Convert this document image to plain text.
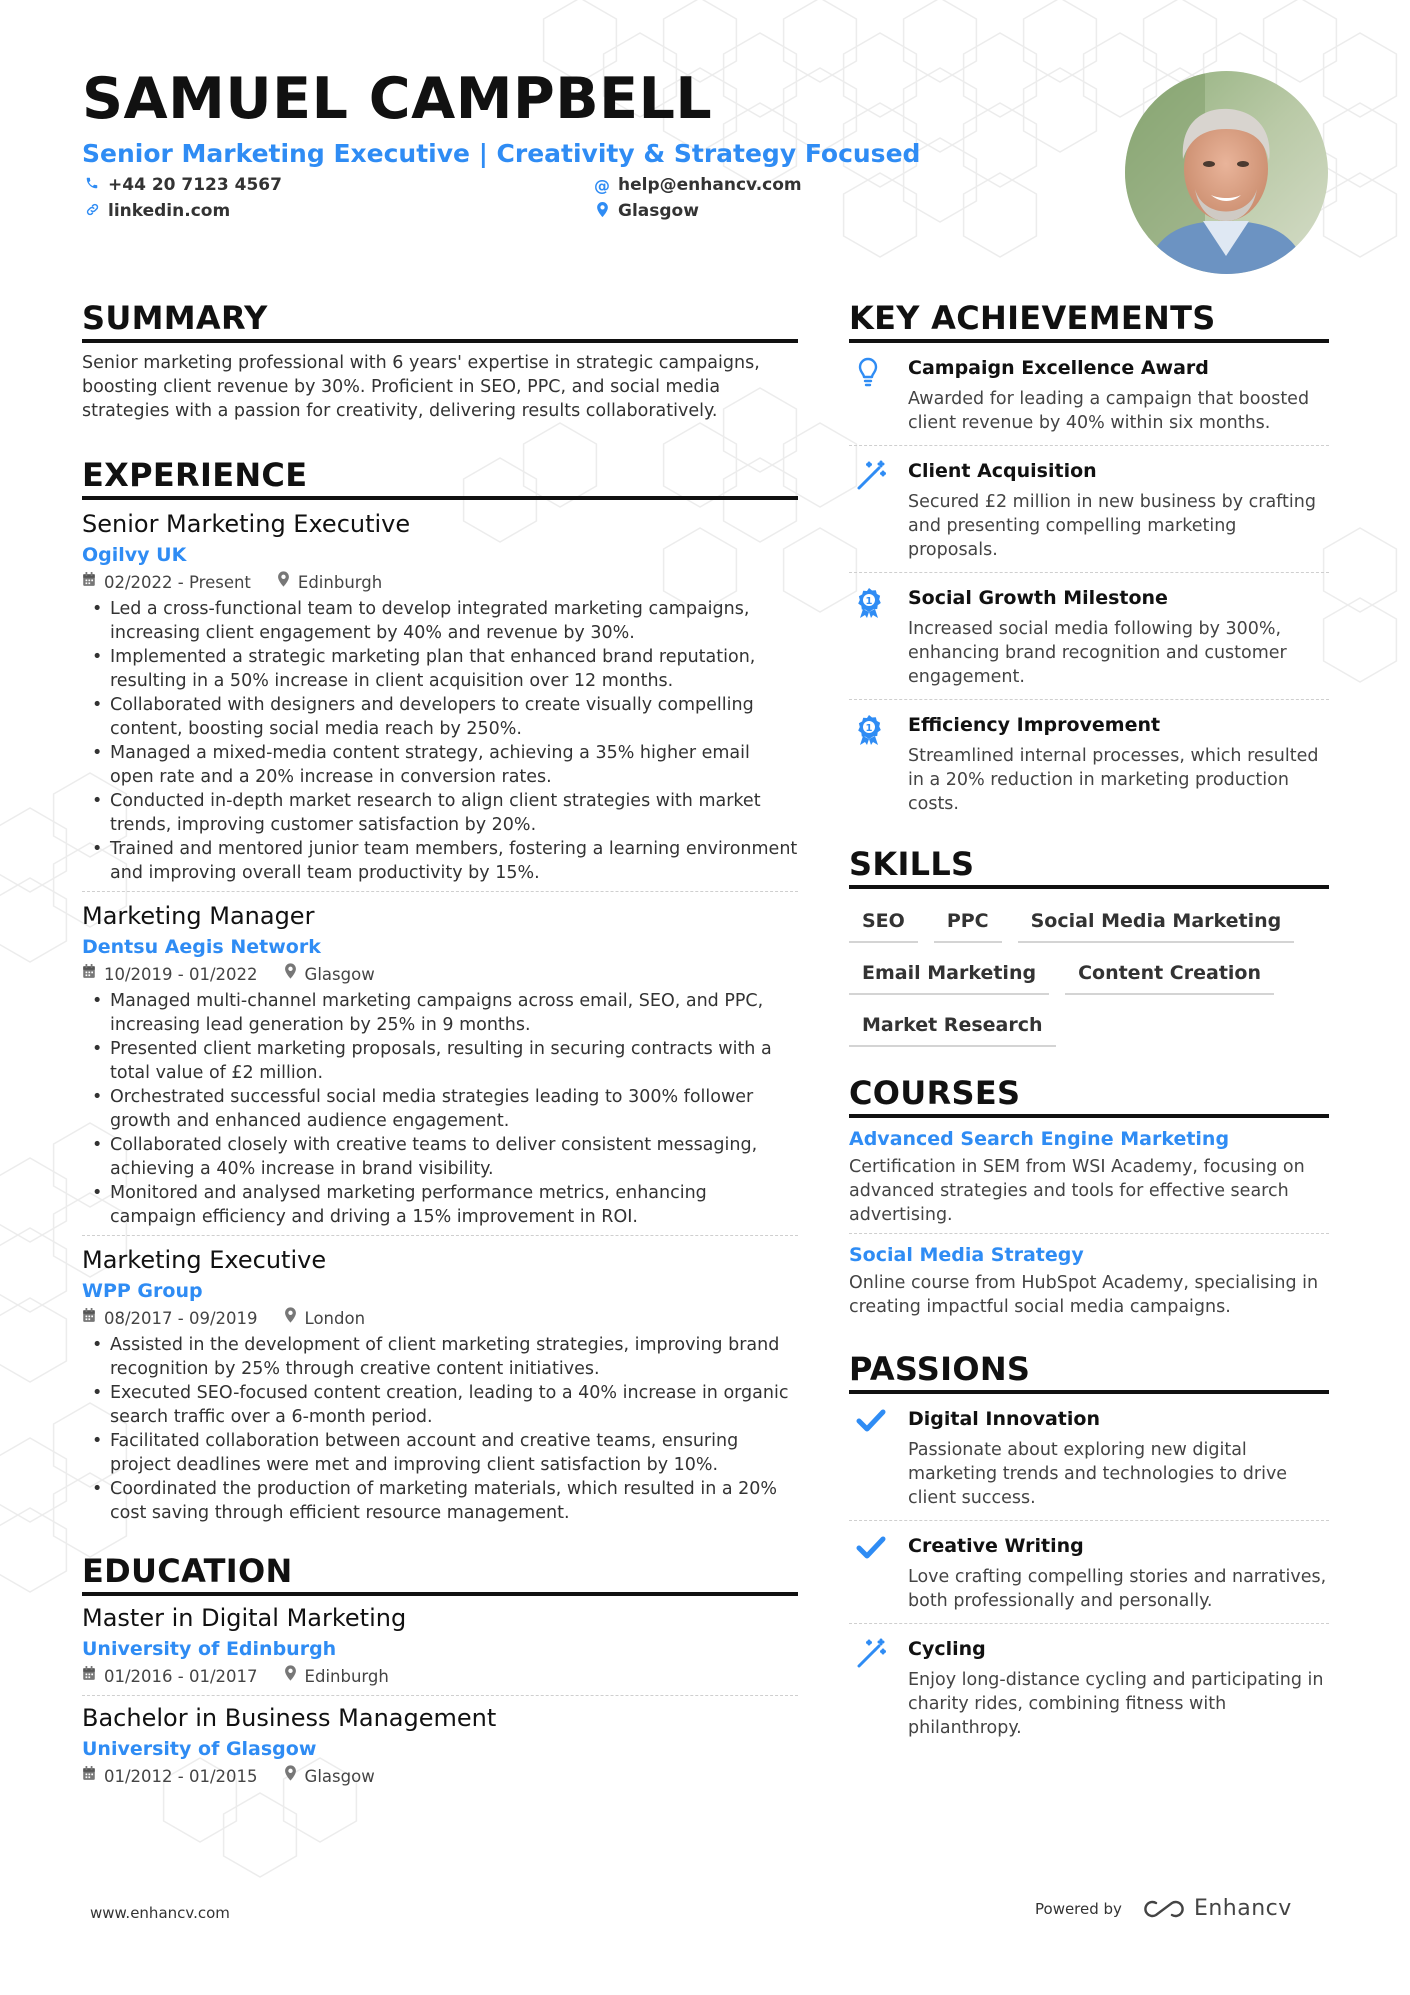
SAMUEL CAMPBELL
Senior Marketing Executive | Creativity & Strategy Focused
+44 20 7123 4567	@ help@enhancv.com
linkedin.com	Glasgow
SUMMARY
Senior marketing professional with 6 years' expertise in strategic campaigns, boosting client revenue by 30%. Proficient in SEO, PPC, and social media strategies with a passion for creativity, delivering results collaboratively.
EXPERIENCE
Senior Marketing Executive
Ogilvy UK
02/2022 - Present	Edinburgh
• Led a cross-functional team to develop integrated marketing campaigns, increasing client engagement by 40% and revenue by 30%.
• Implemented a strategic marketing plan that enhanced brand reputation, resulting in a 50% increase in client acquisition over 12 months.
• Collaborated with designers and developers to create visually compelling content, boosting social media reach by 250%.
• Managed a mixed-media content strategy, achieving a 35% higher email open rate and a 20% increase in conversion rates.
• Conducted in-depth market research to align client strategies with market trends, improving customer satisfaction by 20%.
• Trained and mentored junior team members, fostering a learning environment and improving overall team productivity by 15%.
Marketing Manager
Dentsu Aegis Network
10/2019 - 01/2022	Glasgow
• Managed multi-channel marketing campaigns across email, SEO, and PPC, increasing lead generation by 25% in 9 months.
• Presented client marketing proposals, resulting in securing contracts with a total value of £2 million.
• Orchestrated successful social media strategies leading to 300% follower growth and enhanced audience engagement.
• Collaborated closely with creative teams to deliver consistent messaging, achieving a 40% increase in brand visibility.
• Monitored and analysed marketing performance metrics, enhancing campaign efficiency and driving a 15% improvement in ROI.
Marketing Executive
WPP Group
08/2017 - 09/2019	London
• Assisted in the development of client marketing strategies, improving brand recognition by 25% through creative content initiatives.
• Executed SEO-focused content creation, leading to a 40% increase in organic search traffic over a 6-month period.
• Facilitated collaboration between account and creative teams, ensuring project deadlines were met and improving client satisfaction by 10%.
• Coordinated the production of marketing materials, which resulted in a 20% cost saving through efficient resource management.
EDUCATION
Master in Digital Marketing
University of Edinburgh
01/2016 - 01/2017	Edinburgh
Bachelor in Business Management
University of Glasgow
01/2012 - 01/2015	Glasgow
KEY ACHIEVEMENTS
Campaign Excellence Award
Awarded for leading a campaign that boosted client revenue by 40% within six months.
Client Acquisition
Secured £2 million in new business by crafting and presenting compelling marketing proposals.
1 Social Growth Milestone
Increased social media following by 300%, enhancing brand recognition and customer engagement.
1 Efficiency Improvement
Streamlined internal processes, which resulted in a 20% reduction in marketing production costs.
SKILLS
SEO	PPC	Social Media Marketing
Email Marketing	Content Creation
Market Research
COURSES
Advanced Search Engine Marketing
Certification in SEM from WSI Academy, focusing on advanced strategies and tools for effective search advertising.
Social Media Strategy
Online course from HubSpot Academy, specialising in creating impactful social media campaigns.
PASSIONS
Digital Innovation
Passionate about exploring new digital marketing trends and technologies to drive client success.
Creative Writing
Love crafting compelling stories and narratives, both professionally and personally.
Cycling
Enjoy long-distance cycling and participating in charity rides, combining fitness with philanthropy.
www.enhancv.com	Powered by	Enhancv
